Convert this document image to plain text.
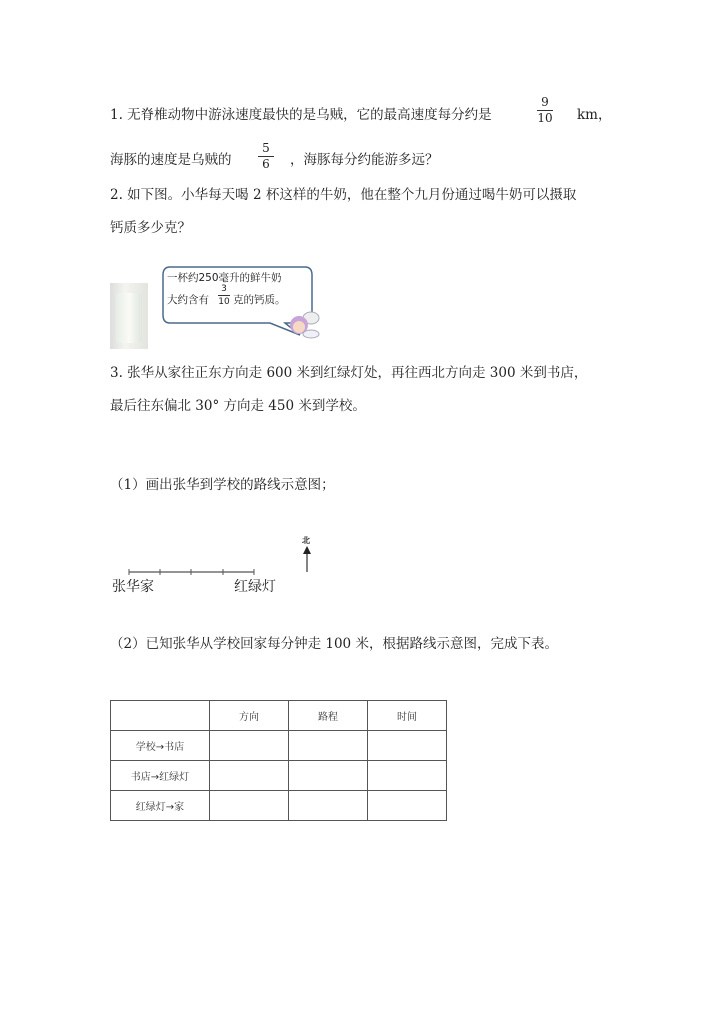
1. 无脊椎动物中游泳速度最快的是乌贼，它的最高速度每分约是
9
10 km，
海豚的速度是乌贼的
5
6 ，海豚每分约能游多远？
2. 如下图。小华每天喝 2 杯这样的牛奶，他在整个九月份通过喝牛奶可以摄取
钙质多少克？
一杯约250毫升的鲜牛奶
大约含有
3
10 克的钙质。
3. 张华从家往正东方向走 600 米到红绿灯处，再往西北方向走 300 米到书店，
最后往东偏北 30° 方向走 450 米到学校。
（1）画出张华到学校的路线示意图；
北
张华家	红绿灯
（2）已知张华从学校回家每分钟走 100 米，根据路线示意图，完成下表。
	方向	路程	时间
学校→书店			
书店→红绿灯			
红绿灯→家			
